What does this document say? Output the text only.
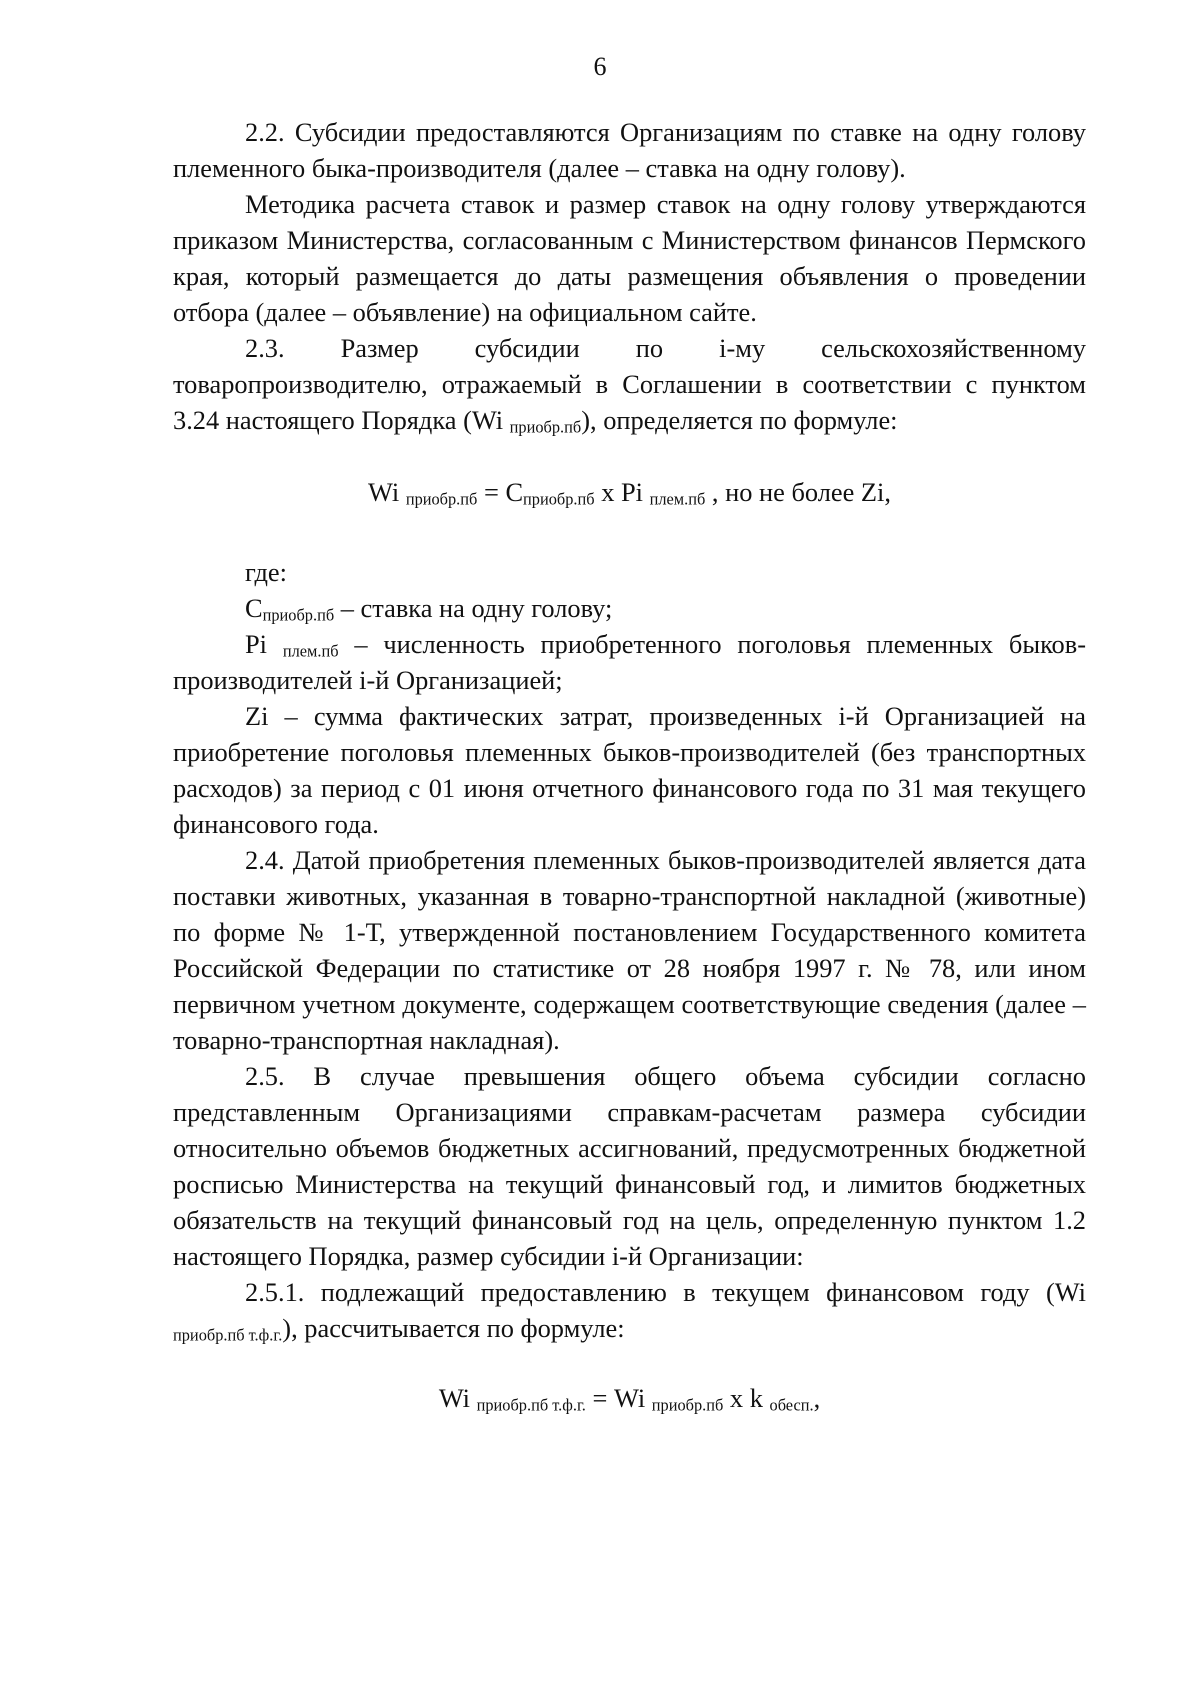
6

2.2. Субсидии предоставляются Организациям по ставке на одну голову племенного быка-производителя (далее – ставка на одну голову).

Методика расчета ставок и размер ставок на одну голову утверждаются приказом Министерства, согласованным с Министерством финансов Пермского края, который размещается до даты размещения объявления о проведении отбора (далее – объявление) на официальном сайте.

2.3. Размер субсидии по i-му сельскохозяйственному товаропроизводителю, отражаемый в Соглашении в соответствии с пунктом 3.24 настоящего Порядка (Wi $_{приобр.пб}$), определяется по формуле:

Wi $_{приобр.пб} = C_{приобр.пб}$ x Pi $_{плем.пб}$ , но не более Zi,

где:

$C_{приобр.пб}$ – ставка на одну голову;

Pi $_{плем.пб}$ – численность приобретенного поголовья племенных быков-производителей i-й Организацией;

Zi – сумма фактических затрат, произведенных i-й Организацией на приобретение поголовья племенных быков-производителей (без транспортных расходов) за период с 01 июня отчетного финансового года по 31 мая текущего финансового года.

2.4. Датой приобретения племенных быков-производителей является дата поставки животных, указанная в товарно-транспортной накладной (животные) по форме № 1-Т, утвержденной постановлением Государственного комитета Российской Федерации по статистике от 28 ноября 1997 г. № 78, или ином первичном учетном документе, содержащем соответствующие сведения (далее – товарно-транспортная накладная).

2.5. В случае превышения общего объема субсидии согласно представленным Организациями справкам-расчетам размера субсидии относительно объемов бюджетных ассигнований, предусмотренных бюджетной росписью Министерства на текущий финансовый год, и лимитов бюджетных обязательств на текущий финансовый год на цель, определенную пунктом 1.2 настоящего Порядка, размер субсидии i-й Организации:

2.5.1. подлежащий предоставлению в текущем финансовом году (Wi $_{приобр.пб т.ф.г.}$), рассчитывается по формуле:

Wi $_{приобр.пб т.ф.г.}$ = Wi $_{приобр.пб}$ x k $_{обесп.}$,
